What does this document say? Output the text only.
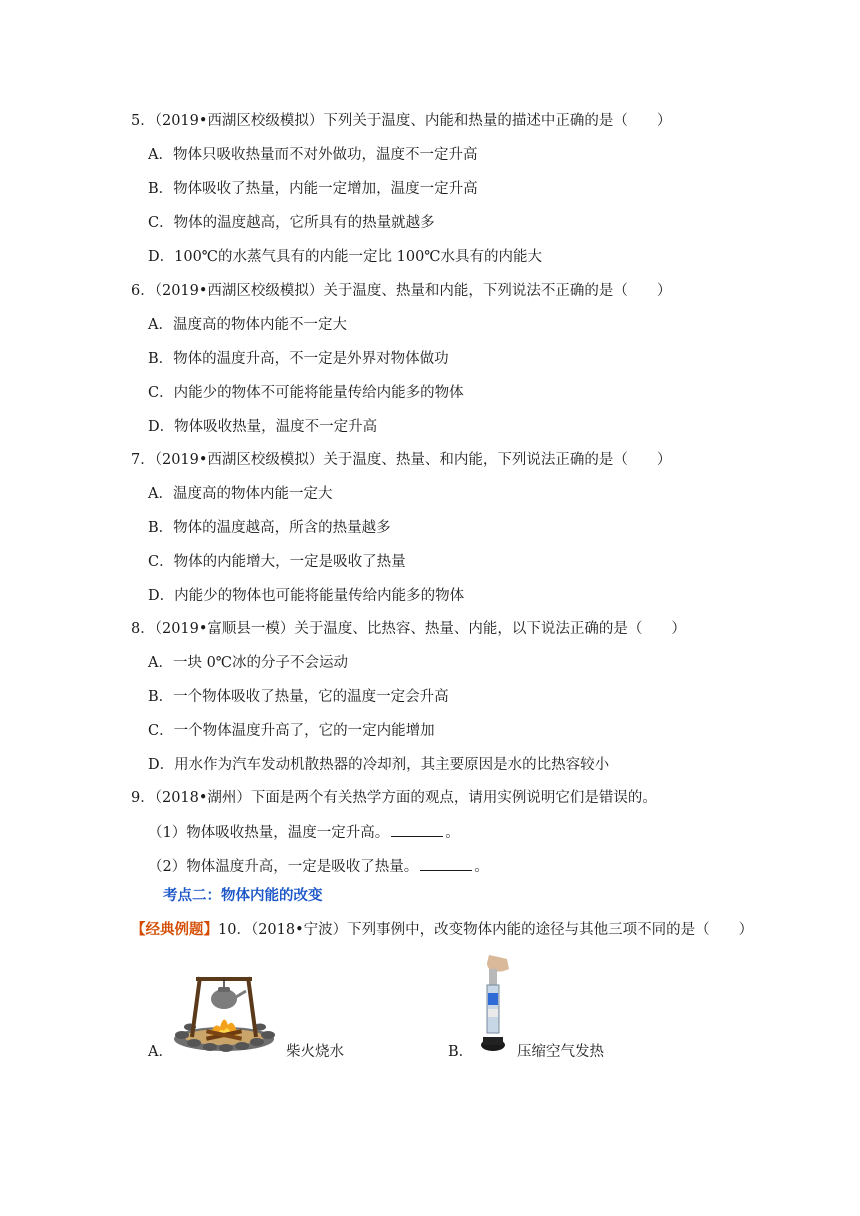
5．（2019•西湖区校级模拟）下列关于温度、内能和热量的描述中正确的是（　　）
A．物体只吸收热量而不对外做功，温度不一定升高
B．物体吸收了热量，内能一定增加，温度一定升高
C．物体的温度越高，它所具有的热量就越多
D．100℃的水蒸气具有的内能一定比 100℃水具有的内能大
6．（2019•西湖区校级模拟）关于温度、热量和内能，下列说法不正确的是（　　）
A．温度高的物体内能不一定大
B．物体的温度升高，不一定是外界对物体做功
C．内能少的物体不可能将能量传给内能多的物体
D．物体吸收热量，温度不一定升高
7．（2019•西湖区校级模拟）关于温度、热量、和内能，下列说法正确的是（　　）
A．温度高的物体内能一定大
B．物体的温度越高，所含的热量越多
C．物体的内能增大，一定是吸收了热量
D．内能少的物体也可能将能量传给内能多的物体
8．（2019•富顺县一模）关于温度、比热容、热量、内能，以下说法正确的是（　　）
A．一块 0℃冰的分子不会运动
B．一个物体吸收了热量，它的温度一定会升高
C．一个物体温度升高了，它的一定内能增加
D．用水作为汽车发动机散热器的冷却剂，其主要原因是水的比热容较小
9．（2018•湖州）下面是两个有关热学方面的观点，请用实例说明它们是错误的。
（1）物体吸收热量，温度一定升高。	。
（2）物体温度升高，一定是吸收了热量。	。
考点二：物体内能的改变
【经典例题】10．（2018•宁波）下列事例中，改变物体内能的途径与其他三项不同的是（　　）
A．	柴火烧水	B．	压缩空气发热
